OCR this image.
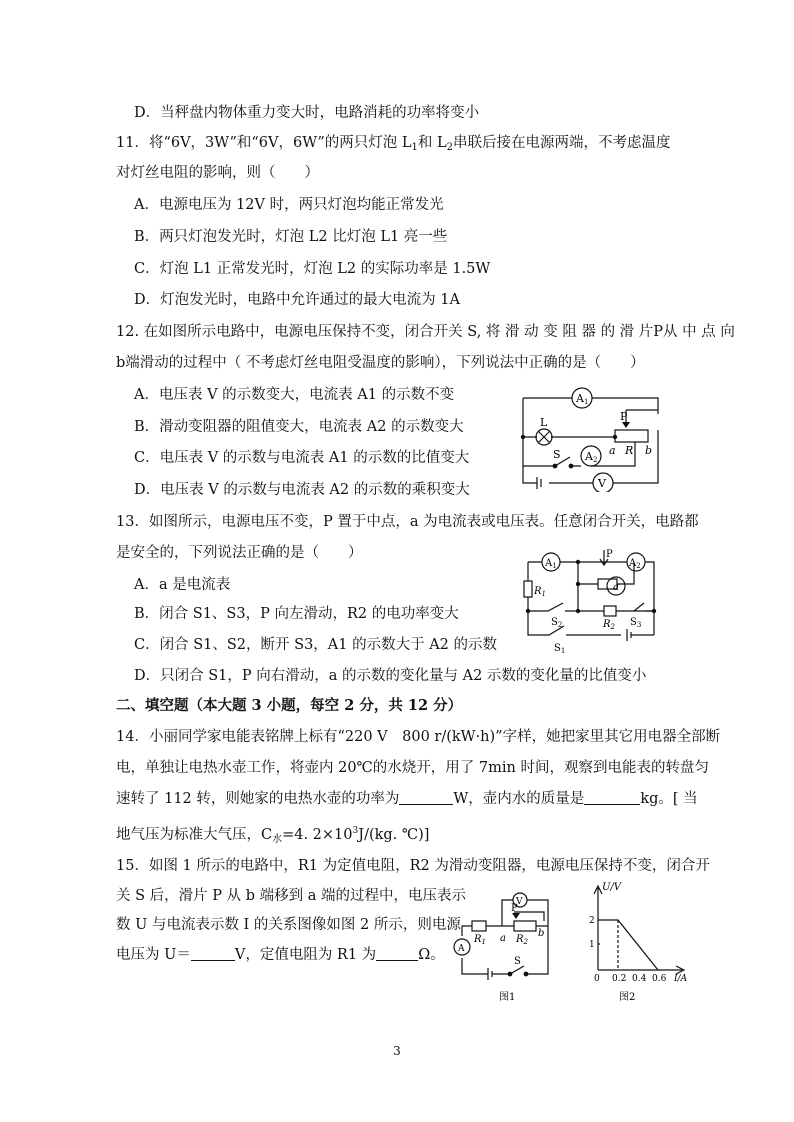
D．当秤盘内物体重力变大时，电路消耗的功率将变小
11．将“6V，3W”和“6V，6W”的两只灯泡 $L_1$和 $L_2$串联后接在电源两端，不考虑温度
对灯丝电阻的影响，则（　　）
A．电源电压为 12V 时，两只灯泡均能正常发光
B．两只灯泡发光时，灯泡 L2 比灯泡 L1 亮一些
C．灯泡 L1 正常发光时，灯泡 L2 的实际功率是 1.5W
D．灯泡发光时，电路中允许通过的最大电流为 1A
12. 在如图所示电路中，电源电压保持不变，闭合开关 S, 将 滑 动 变 阻 器 的 滑 片P从 中 点 向
b端滑动的过程中（ 不考虑灯丝电阻受温度的影响），下列说法中正确的是（　　）
A．电压表 V 的示数变大，电流表 A1 的示数不变
B．滑动变阻器的阻值变大，电流表 A2 的示数变大
C．电压表 V 的示数与电流表 A1 的示数的比值变大
D．电压表 V 的示数与电流表 A2 的示数的乘积变大
A1
L	P
A2
a R b
S
V
13．如图所示，电源电压不变，P 置于中点，a 为电流表或电压表。任意闭合开关，电路都
是安全的，下列说法正确的是（　　）
A．a 是电流表
B．闭合 S1、S3，P 向左滑动，R2 的电功率变大
C．闭合 S1、S2，断开 S3，A1 的示数大于 A2 的示数
D．只闭合 S1，P 向右滑动，a 的示数的变化量与 A2 示数的变化量的比值变小
$A_1$
P
$A_2$
$R_1$
a
$S_2$	$R_2$ $S_3$
$S_1$
二、填空题（本大题 3 小题，每空 2 分，共 12 分）
14．小丽同学家电能表铭牌上标有“220 V　800 r/(kW·h)”字样，她把家里其它用电器全部断
电，单独让电热水壶工作，将壶内 20℃的水烧开，用了 7min 时间，观察到电能表的转盘匀
速转了 112 转，则她家的电热水壶的功率为	W，壶内水的质量是	kg。[ 当
地气压为标准大气压，$C_水=4$. $2\times 10^3J/(kg$. ℃)]
15．如图 1 所示的电路中，R1 为定值电阻，R2 为滑动变阻器，电源电压保持不变，闭合开
关 S 后，滑片 P 从 b 端移到 a 端的过程中，电压表示
数 U 与电流表示数 I 的关系图像如图 2 所示，则电源
电压为 U＝	V，定值电阻为 R1 为	Ω。
V
P
$R_1$ a $R_2$
b
A
S
图1
U/V
2
1
0 0.2 0.4 0.6 I/A
图2
3
